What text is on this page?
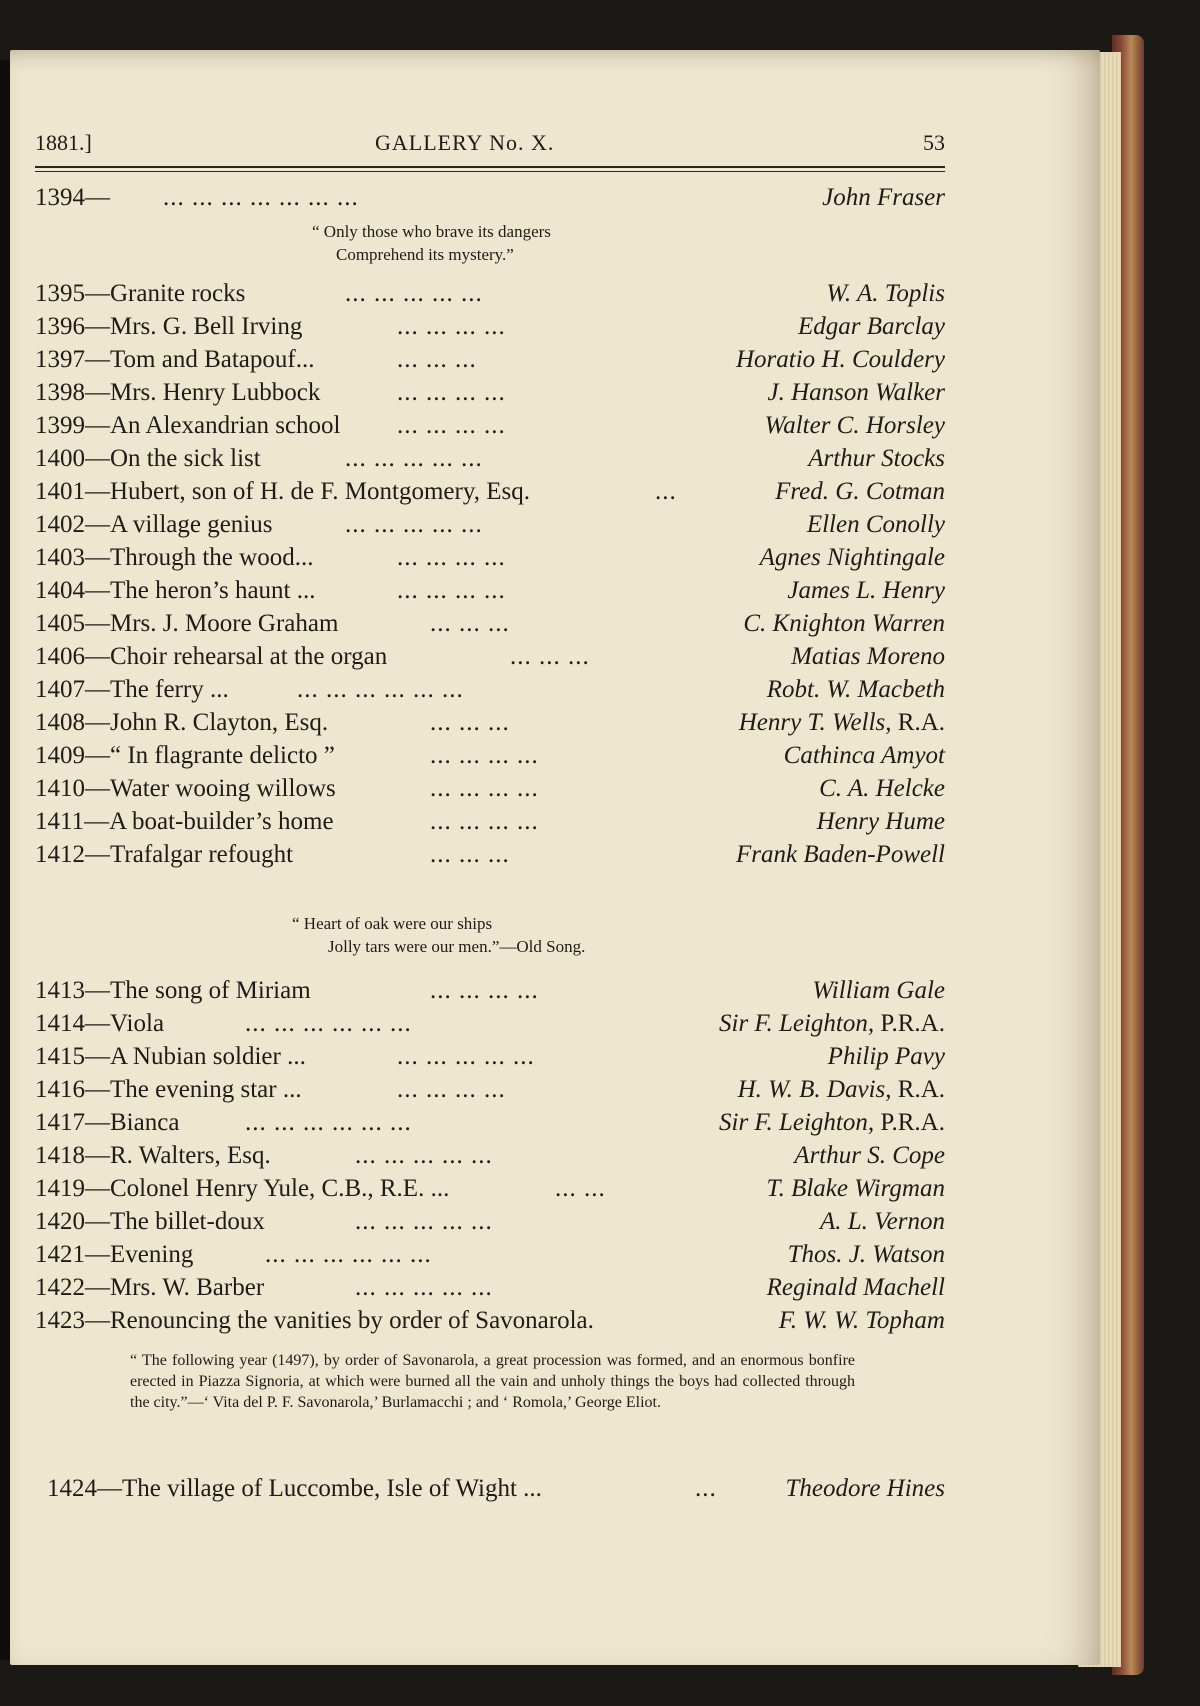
1881.]	GALLERY No. X.	53
1394— ... ... ... ... ... ... ...	John Fraser
“ Only those who brave its dangers
Comprehend its mystery.”
1395—Granite rocks	... ... ... ... ...	W. A. Toplis
1396—Mrs. G. Bell Irving	... ... ... ...	Edgar Barclay
1397—Tom and Batapouf...	... ... ...	Horatio H. Couldery
1398—Mrs. Henry Lubbock	... ... ... ...	J. Hanson Walker
1399—An Alexandrian school ... ... ... ...	Walter C. Horsley
1400—On the sick list	... ... ... ... ...	Arthur Stocks
1401—Hubert, son of H. de F. Montgomery, Esq.	...	Fred. G. Cotman
1402—A village genius	... ... ... ... ...	Ellen Conolly
1403—Through the wood...	... ... ... ...	Agnes Nightingale
1404—The heron’s haunt ...	... ... ... ...	James L. Henry
1405—Mrs. J. Moore Graham	... ... ...	C. Knighton Warren
1406—Choir rehearsal at the organ	... ... ...	Matias Moreno
1407—The ferry ...	... ... ... ... ... ...	Robt. W. Macbeth
1408—John R. Clayton, Esq.	... ... ...	Henry T. Wells, R.A.
1409—“ In flagrante delicto ”	... ... ... ...	Cathinca Amyot
1410—Water wooing willows	... ... ... ...	C. A. Helcke
1411—A boat-builder’s home	... ... ... ...	Henry Hume
1412—Trafalgar refought	... ... ...	Frank Baden-Powell
“ Heart of oak were our ships
Jolly tars were our men.”—Old Song.
1413—The song of Miriam	... ... ... ...	William Gale
1414—Viola	... ... ... ... ... ...	Sir F. Leighton, P.R.A.
1415—A Nubian soldier ...	... ... ... ... ...	Philip Pavy
1416—The evening star ...	... ... ... ...	H. W. B. Davis, R.A.
1417—Bianca	... ... ... ... ... ...	Sir F. Leighton, P.R.A.
1418—R. Walters, Esq.	... ... ... ... ...	Arthur S. Cope
1419—Colonel Henry Yule, C.B., R.E. ...	... ...	T. Blake Wirgman
1420—The billet-doux	... ... ... ... ...	A. L. Vernon
1421—Evening	... ... ... ... ... ...	Thos. J. Watson
1422—Mrs. W. Barber	... ... ... ... ...	Reginald Machell
1423—Renouncing the vanities by order of Savonarola.	F. W. W. Topham
“ The following year (1497), by order of Savonarola, a great procession was formed, and an enormous bonfire erected in Piazza Signoria, at which were burned all the vain and unholy things the boys had collected through the city.”—‘ Vita del P. F. Savonarola,’ Burlamacchi ; and ‘ Romola,’ George Eliot.
1424—The village of Luccombe, Isle of Wight ...	...	Theodore Hines
